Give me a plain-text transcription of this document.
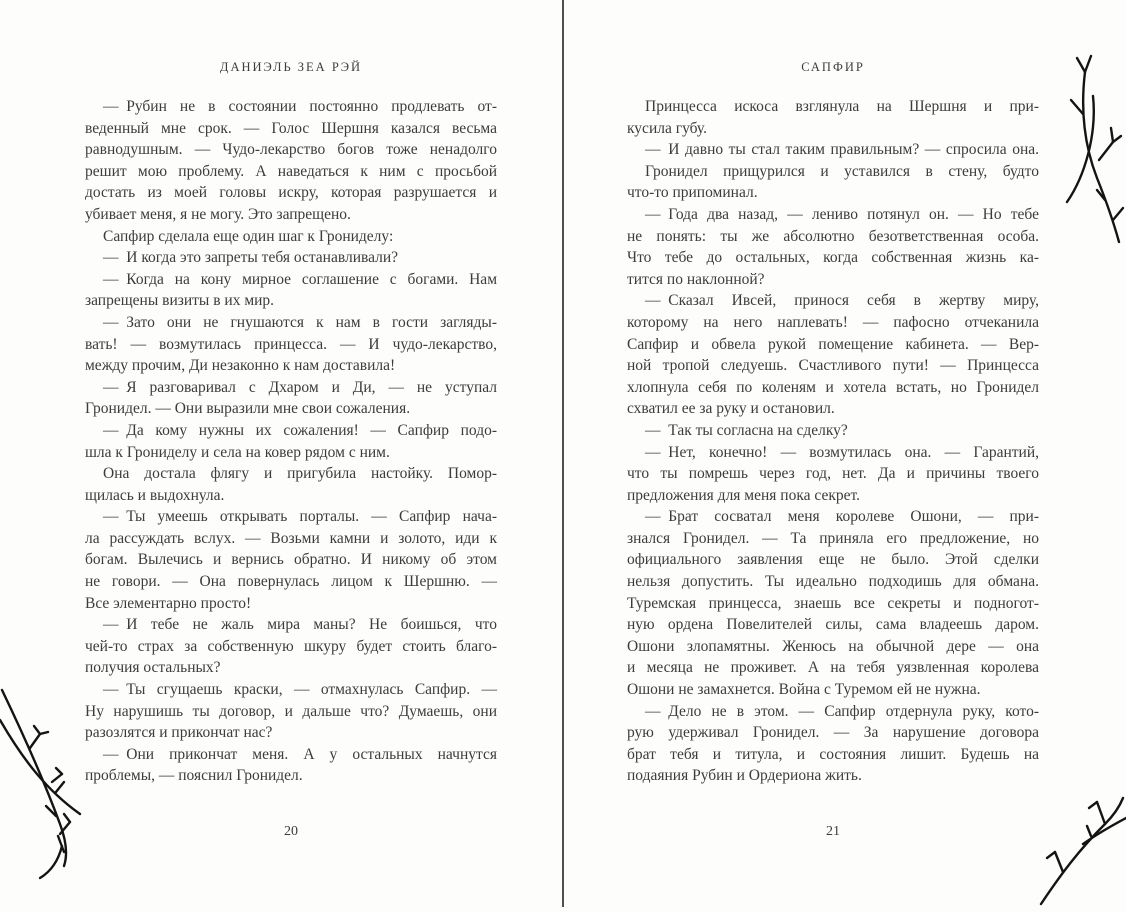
ДАНИЭЛЬ ЗЕА РЭЙ	САПФИР

— Рубин не в состоянии постоянно продлевать от-
веденный мне срок. — Голос Шершня казался весьма
равнодушным. — Чудо-лекарство богов тоже ненадолго
решит мою проблему. А наведаться к ним с просьбой
достать из моей головы искру, которая разрушается и
убивает меня, я не могу. Это запрещено.

Сапфир сделала еще один шаг к Грониделу:

— И когда это запреты тебя останавливали?

— Когда на кону мирное соглашение с богами. Нам
запрещены визиты в их мир.

— Зато они не гнушаются к нам в гости загляды-
вать! — возмутилась принцесса. — И чудо-лекарство,
между прочим, Ди незаконно к нам доставила!

— Я разговаривал с Дхаром и Ди, — не уступал
Гронидел. — Они выразили мне свои сожаления.

— Да кому нужны их сожаления! — Сапфир подо-
шла к Грониделу и села на ковер рядом с ним.

Она достала флягу и пригубила настойку. Помор-
щилась и выдохнула.

— Ты умеешь открывать порталы. — Сапфир нача-
ла рассуждать вслух. — Возьми камни и золото, иди к
богам. Вылечись и вернись обратно. И никому об этом
не говори. — Она повернулась лицом к Шершню. —
Все элементарно просто!

— И тебе не жаль мира маны? Не боишься, что
чей-то страх за собственную шкуру будет стоить благо-
получия остальных?

— Ты сгущаешь краски, — отмахнулась Сапфир. —
Ну нарушишь ты договор, и дальше что? Думаешь, они
разозлятся и прикончат нас?

— Они прикончат меня. А у остальных начнутся
проблемы, — пояснил Гронидел.

Принцесса искоса взглянула на Шершня и при-
кусила губу.

— И давно ты стал таким правильным? — спросила она.

Гронидел прищурился и уставился в стену, будто
что-то припоминал.

— Года два назад, — лениво потянул он. — Но тебе
не понять: ты же абсолютно безответственная особа.
Что тебе до остальных, когда собственная жизнь ка-
тится по наклонной?

— Сказал Ивсей, принося себя в жертву миру,
которому на него наплевать! — пафосно отчеканила
Сапфир и обвела рукой помещение кабинета. — Вер-
ной тропой следуешь. Счастливого пути! — Принцесса
хлопнула себя по коленям и хотела встать, но Гронидел
схватил ее за руку и остановил.

— Так ты согласна на сделку?

— Нет, конечно! — возмутилась она. — Гарантий,
что ты помрешь через год, нет. Да и причины твоего
предложения для меня пока секрет.

— Брат сосватал меня королеве Ошони, — при-
знался Гронидел. — Та приняла его предложение, но
официального заявления еще не было. Этой сделки
нельзя допустить. Ты идеально подходишь для обмана.
Туремская принцесса, знаешь все секреты и подногот-
ную ордена Повелителей силы, сама владеешь даром.
Ошони злопамятны. Женюсь на обычной дере — она
и месяца не проживет. А на тебя уязвленная королева
Ошони не замахнется. Война с Туремом ей не нужна.

— Дело не в этом. — Сапфир отдернула руку, кото-
рую удерживал Гронидел. — За нарушение договора
брат тебя и титула, и состояния лишит. Будешь на
подаяния Рубин и Ордериона жить.

20	21
